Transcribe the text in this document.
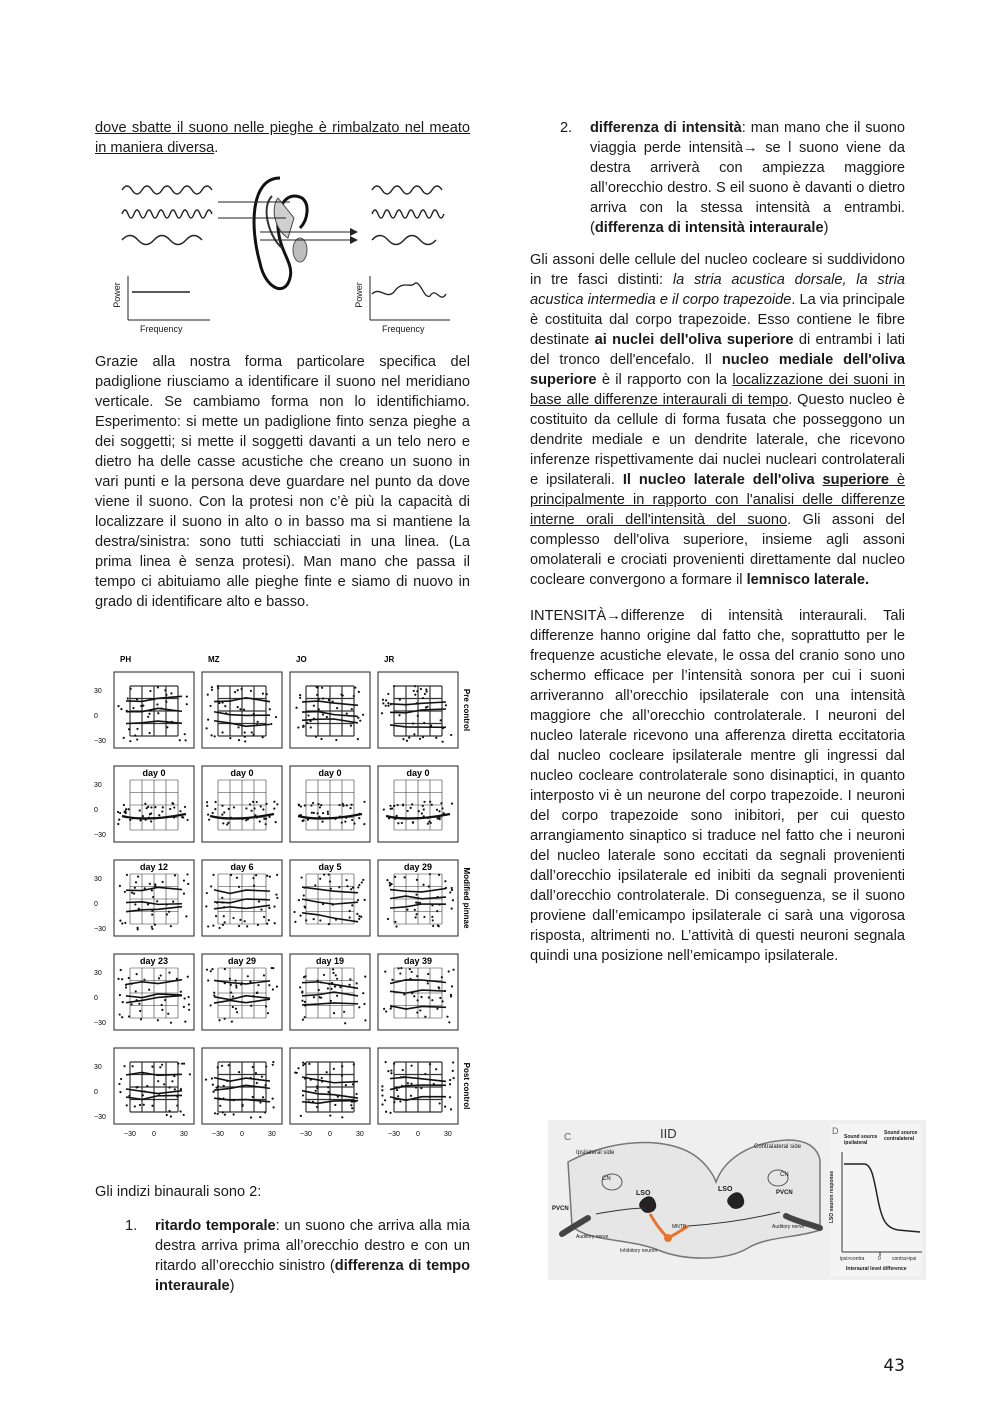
dove sbatte il suono nelle pieghe è rimbalzato nel meato in maniera diversa.

Power
Frequency
Power
Frequency

Grazie alla nostra forma particolare specifica del padiglione riusciamo a identificare il suono nel meridiano verticale. Se cambiamo forma non lo identifichiamo. Esperimento: si mette un padiglione finto senza pieghe a dei soggetti; si mette il soggetti davanti a un telo nero e dietro ha delle casse acustiche che creano un suono in vari punti e la persona deve guardare nel punto da dove viene il suono. Con la protesi non c’è più la capacità di localizzare il suono in alto o in basso ma si mantiene la destra/sinistra: sono tutti schiacciati in una linea. (La prima linea è senza protesi). Man mano che passa il tempo ci abituiamo alle pieghe finte e siamo di nuovo in grado di identificare alto e basso.

PH	MZ	JO	JR
30
0
−30
day 0	day 0	day 0	day 0
30
0
−30
day 12	day 6	day 5	day 29
30
0
−30
day 23	day 29	day 19	day 39
30
0
−30
30
0
−30
−30 0	30	−30 0	30	−30 0	30	−30 0	30
Pre control
Modified pinnae
Post control

Gli indizi binaurali sono 2:

1. ritardo temporale: un suono che arriva alla mia destra arriva prima all’orecchio destro e con un ritardo all’orecchio sinistro (differenza di tempo interaurale)

2. differenza di intensità: man mano che il suono viaggia perde intensità→ se l suono viene da destra arriverà con ampiezza maggiore all’orecchio destro. S eil suono è davanti o dietro arriva con la stessa intensità a entrambi. (differenza di intensità interaurale)

Gli assoni delle cellule del nucleo cocleare si suddividono in tre fasci distinti: la stria acustica dorsale, la stria acustica intermedia e il corpo trapezoide. La via principale è costituita dal corpo trapezoide. Esso contiene le fibre destinate ai nuclei dell'oliva superiore di entrambi i lati del tronco dell'encefalo. Il nucleo mediale dell'oliva superiore è il rapporto con la localizzazione dei suoni in base alle differenze interaurali di tempo. Questo nucleo è costituito da cellule di forma fusata che posseggono un dendrite mediale e un dendrite laterale, che ricevono inferenze rispettivamente dai nuclei nucleari controlaterali e ipsilaterali. Il nucleo laterale dell'oliva superiore è principalmente in rapporto con l'analisi delle differenze interne orali dell'intensità del suono. Gli assoni del complesso dell'oliva superiore, insieme agli assoni omolaterali e crociati provenienti direttamente dal nucleo cocleare convergono a formare il lemnisco laterale.

INTENSITÀ→differenze di intensità interaurali. Tali differenze hanno origine dal fatto che, soprattutto per le frequenze acustiche elevate, le ossa del cranio sono uno schermo efficace per l’intensità sonora per cui i suoni arriveranno all’orecchio ipsilaterale con una intensità maggiore che all’orecchio controlaterale. I neuroni del nucleo laterale ricevono una afferenza diretta eccitatoria dal nucleo cocleare ipsilaterale mentre gli ingressi dal nucleo cocleare controlaterale sono disinaptici, in quanto interposto vi è un neurone del corpo trapezoide. I neuroni del corpo trapezoide sono inibitori, per cui questo arrangiamento sinaptico si traduce nel fatto che i neuroni del nucleo laterale sono eccitati da segnali provenienti dall’orecchio ipsilaterale ed inibiti da segnali provenienti dall’orecchio controlaterale. Di conseguenza, se il suono proviene dall’emicampo ipsilaterale ci sarà una vigorosa risposta, altrimenti no. L’attività di questi neuroni segnala quindi una posizione nell’emicampo ipsilaterale.

C	IID
Ipsilateral side
Contralateral side
CN
CN
LSO
LSO
PVCN
PVCN
MNTB
Auditory nerve
Auditory nerve
Inhibitory neuron
D
Sound source ipsilateral
Sound source contralateral
LSO neuron response
ipsi>contra	0 contra>ipsi
Interaural level difference
43
